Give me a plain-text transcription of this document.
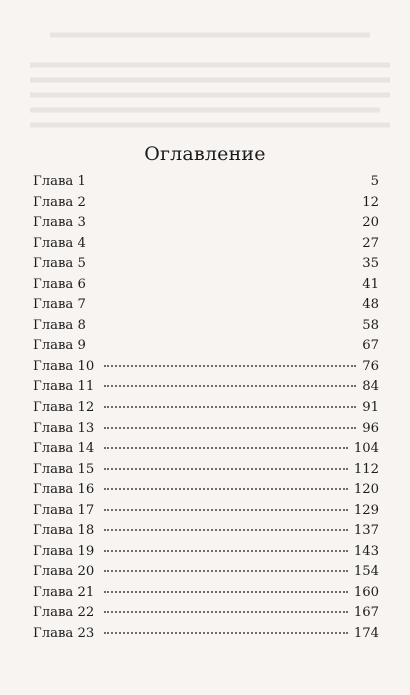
Оглавление
Глава 1	5
Глава 2	12
Глава 3	20
Глава 4	27
Глава 5	35
Глава 6	41
Глава 7	48
Глава 8	58
Глава 9	67
Глава 10	76
Глава 11	84
Глава 12	91
Глава 13	96
Глава 14	104
Глава 15	112
Глава 16	120
Глава 17	129
Глава 18	137
Глава 19	143
Глава 20	154
Глава 21	160
Глава 22	167
Глава 23	174
